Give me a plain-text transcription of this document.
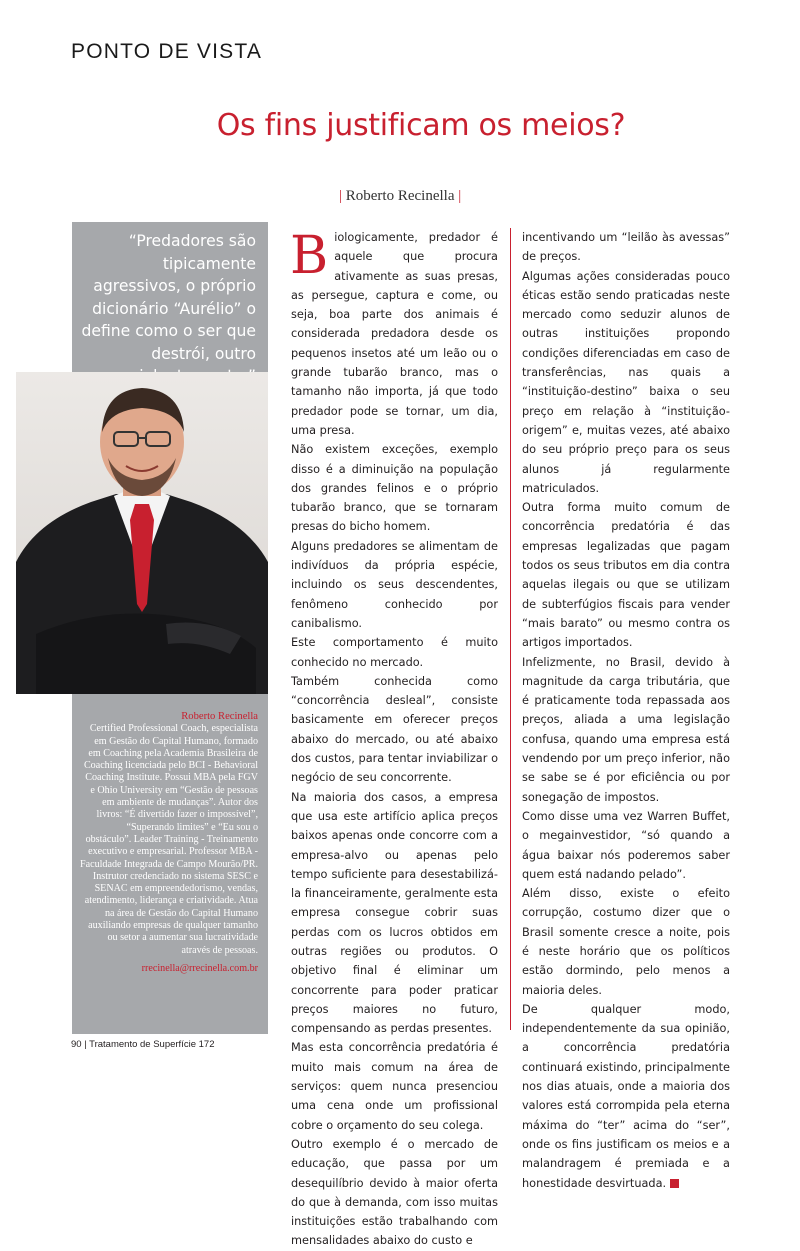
PONTO DE VISTA
Os fins justificam os meios?
| Roberto Recinella |
“Predadores são tipicamente agressivos, o próprio dicionário “Aurélio” o define como o ser que destrói, outro
Roberto Recinella
Certified Professional Coach, especialista em Gestão do Capital Humano, formado em Coaching pela Academia Brasileira de Coaching licenciada pelo BCI - Behavioral Coaching Institute. Possui MBA pela FGV e Ohio University em “Gestão de pessoas em ambiente de mudanças”. Autor dos livros: “É divertido fazer o impossível”, “Superando limites” e “Eu sou o obstáculo”. Leader Training - Treinamento executivo e empresarial. Professor MBA -Faculdade Integrada de Campo Mourão/PR. Instrutor credenciado no sistema SESC e SENAC em empreendedorismo, vendas, atendimento, liderança e criatividade. Atua na área de Gestão do Capital Humano auxiliando empresas de qualquer tamanho ou setor a aumentar sua lucratividade através de pessoas.
rrecinella@rrecinella.com.br

Biologicamente, predador é aquele que procura ativamente as suas presas, as persegue, captura e come, ou seja, boa parte dos animais é considerada predadora desde os pequenos insetos até um leão ou o grande tubarão branco, mas o tamanho não importa, já que todo predador pode se tornar, um dia, uma presa.

Não existem exceções, exemplo disso é a diminuição na população dos grandes felinos e o próprio tubarão branco, que se tornaram presas do bicho homem.

Alguns predadores se alimentam de indivíduos da própria espécie, incluindo os seus descendentes, fenômeno conhecido por canibalismo.

Este comportamento é muito conhecido no mercado.

Também conhecida como “concorrência desleal”, consiste basicamente em oferecer preços abaixo do mercado, ou até abaixo dos custos, para tentar inviabilizar o negócio de seu concorrente.

Na maioria dos casos, a empresa que usa este artifício aplica preços baixos apenas onde concorre com a empresa-alvo ou apenas pelo tempo suficiente para desestabilizá-la financeiramente, geralmente esta empresa consegue cobrir suas perdas com os lucros obtidos em outras regiões ou produtos. O objetivo final é eliminar um concorrente para poder praticar preços maiores no futuro, compensando as perdas presentes.

Mas esta concorrência predatória é muito mais comum na área de serviços: quem nunca presenciou uma cena onde um profissional cobre o orçamento do seu colega.

Outro exemplo é o mercado de educação, que passa por um desequilíbrio devido à maior oferta do que à demanda, com isso muitas instituições estão trabalhando com mensalidades abaixo do custo e

incentivando um “leilão às avessas” de preços.

Algumas ações consideradas pouco éticas estão sendo praticadas neste mercado como seduzir alunos de outras instituições propondo condições diferenciadas em caso de transferências, nas quais a “instituição-destino” baixa o seu preço em relação à “instituição-origem” e, muitas vezes, até abaixo do seu próprio preço para os seus alunos já regularmente matriculados.

Outra forma muito comum de concorrência predatória é das empresas legalizadas que pagam todos os seus tributos em dia contra aquelas ilegais ou que se utilizam de subterfúgios fiscais para vender “mais barato” ou mesmo contra os artigos importados.

Infelizmente, no Brasil, devido à magnitude da carga tributária, que é praticamente toda repassada aos preços, aliada a uma legislação confusa, quando uma empresa está vendendo por um preço inferior, não se sabe se é por eficiência ou por sonegação de impostos.

Como disse uma vez Warren Buffet, o megainvestidor, “só quando a água baixar nós poderemos saber quem está nadando pelado”.

Além disso, existe o efeito corrupção, costumo dizer que o Brasil somente cresce a noite, pois é neste horário que os políticos estão dormindo, pelo menos a maioria deles.

De qualquer modo, independentemente da sua opinião, a concorrência predatória continuará existindo, principalmente nos dias atuais, onde a maioria dos valores está corrompida pela eterna máxima do “ter” acima do “ser”, onde os fins justificam os meios e a malandragem é premiada e a honestidade desvirtuada.

90 | Tratamento de Superfície 172
